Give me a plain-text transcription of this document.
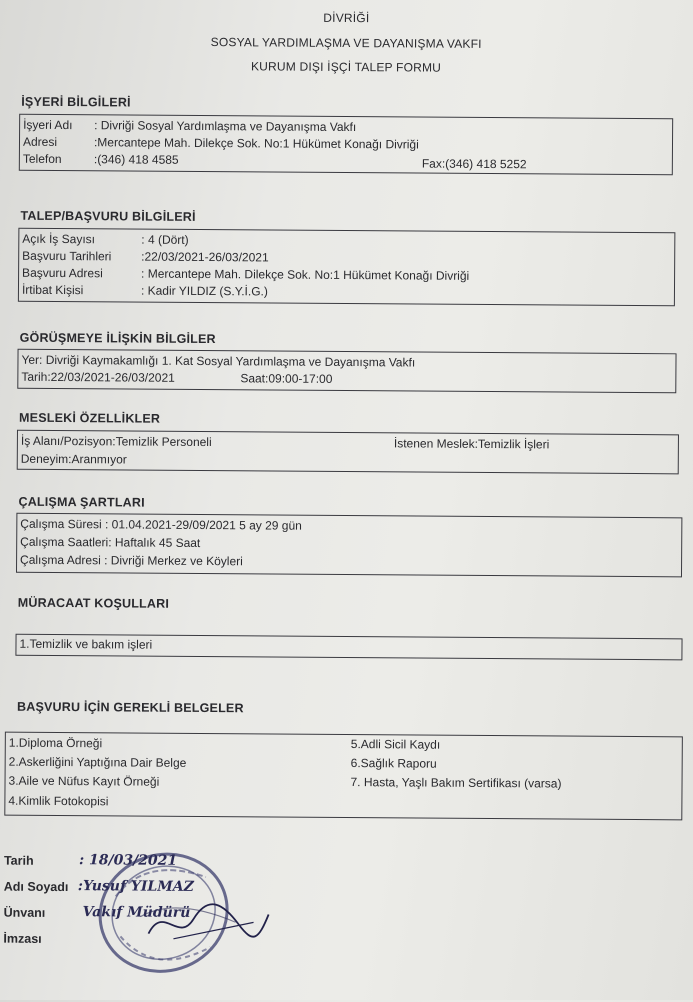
DİVRİĞİ
SOSYAL YARDIMLAŞMA VE DAYANIŞMA VAKFI
KURUM DIŞI İŞÇİ TALEP FORMU
İŞYERİ BİLGİLERİ
İşyeri Adı : Divriği Sosyal Yardımlaşma ve Dayanışma Vakfı
Adresi	:Mercantepe Mah. Dilekçe Sok. No:1 Hükümet Konağı Divriği
Telefon	:(346) 418 4585	Fax:(346) 418 5252
TALEP/BAŞVURU BİLGİLERİ
Açık İş Sayısı	: 4 (Dört)
Başvuru Tarihleri :22/03/2021-26/03/2021
Başvuru Adresi	: Mercantepe Mah. Dilekçe Sok. No:1 Hükümet Konağı Divriği
İrtibat Kişisi	: Kadir YILDIZ (S.Y.İ.G.)
GÖRÜŞMEYE İLİŞKİN BİLGİLER
Yer: Divriği Kaymakamlığı 1. Kat Sosyal Yardımlaşma ve Dayanışma Vakfı
Tarih:22/03/2021-26/03/2021	Saat:09:00-17:00
MESLEKİ ÖZELLİKLER
İş Alanı/Pozisyon:Temizlik Personeli	İstenen Meslek:Temizlik İşleri
Deneyim:Aranmıyor
ÇALIŞMA ŞARTLARI
Çalışma Süresi : 01.04.2021-29/09/2021 5 ay 29 gün
Çalışma Saatleri: Haftalık 45 Saat
Çalışma Adresi : Divriği Merkez ve Köyleri
MÜRACAAT KOŞULLARI
1.Temizlik ve bakım işleri
BAŞVURU İÇİN GEREKLİ BELGELER
1.Diploma Örneği
2.Askerliğini Yaptığına Dair Belge
3.Aile ve Nüfus Kayıt Örneği
4.Kimlik Fotokopisi
5.Adli Sicil Kaydı
6.Sağlık Raporu
7. Hasta, Yaşlı Bakım Sertifikası (varsa)
Tarih	: 18/03/2021
Adı Soyadı :Yusuf YILMAZ
Ünvanı	Vakıf Müdürü
İmzası
